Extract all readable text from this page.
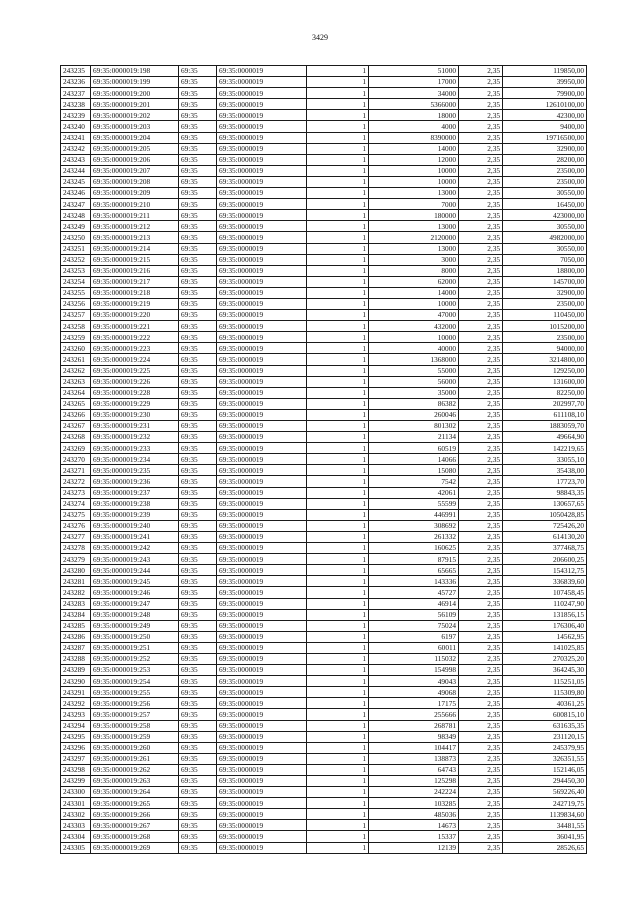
3429
243235	69:35:0000019:198	69:35	69:35:0000019	1	51000	2,35	119850,00
243236	69:35:0000019:199	69:35	69:35:0000019	1	17000	2,35	39950,00
243237	69:35:0000019:200	69:35	69:35:0000019	1	34000	2,35	79900,00
243238	69:35:0000019:201	69:35	69:35:0000019	1	5366000	2,35	12610100,00
243239	69:35:0000019:202	69:35	69:35:0000019	1	18000	2,35	42300,00
243240	69:35:0000019:203	69:35	69:35:0000019	1	4000	2,35	9400,00
243241	69:35:0000019:204	69:35	69:35:0000019	1	8390000	2,35	19716500,00
243242	69:35:0000019:205	69:35	69:35:0000019	1	14000	2,35	32900,00
243243	69:35:0000019:206	69:35	69:35:0000019	1	12000	2,35	28200,00
243244	69:35:0000019:207	69:35	69:35:0000019	1	10000	2,35	23500,00
243245	69:35:0000019:208	69:35	69:35:0000019	1	10000	2,35	23500,00
243246	69:35:0000019:209	69:35	69:35:0000019	1	13000	2,35	30550,00
243247	69:35:0000019:210	69:35	69:35:0000019	1	7000	2,35	16450,00
243248	69:35:0000019:211	69:35	69:35:0000019	1	180000	2,35	423000,00
243249	69:35:0000019:212	69:35	69:35:0000019	1	13000	2,35	30550,00
243250	69:35:0000019:213	69:35	69:35:0000019	1	2120000	2,35	4982000,00
243251	69:35:0000019:214	69:35	69:35:0000019	1	13000	2,35	30550,00
243252	69:35:0000019:215	69:35	69:35:0000019	1	3000	2,35	7050,00
243253	69:35:0000019:216	69:35	69:35:0000019	1	8000	2,35	18800,00
243254	69:35:0000019:217	69:35	69:35:0000019	1	62000	2,35	145700,00
243255	69:35:0000019:218	69:35	69:35:0000019	1	14000	2,35	32900,00
243256	69:35:0000019:219	69:35	69:35:0000019	1	10000	2,35	23500,00
243257	69:35:0000019:220	69:35	69:35:0000019	1	47000	2,35	110450,00
243258	69:35:0000019:221	69:35	69:35:0000019	1	432000	2,35	1015200,00
243259	69:35:0000019:222	69:35	69:35:0000019	1	10000	2,35	23500,00
243260	69:35:0000019:223	69:35	69:35:0000019	1	40000	2,35	94000,00
243261	69:35:0000019:224	69:35	69:35:0000019	1	1368000	2,35	3214800,00
243262	69:35:0000019:225	69:35	69:35:0000019	1	55000	2,35	129250,00
243263	69:35:0000019:226	69:35	69:35:0000019	1	56000	2,35	131600,00
243264	69:35:0000019:228	69:35	69:35:0000019	1	35000	2,35	82250,00
243265	69:35:0000019:229	69:35	69:35:0000019	1	86382	2,35	202997,70
243266	69:35:0000019:230	69:35	69:35:0000019	1	260046	2,35	611108,10
243267	69:35:0000019:231	69:35	69:35:0000019	1	801302	2,35	1883059,70
243268	69:35:0000019:232	69:35	69:35:0000019	1	21134	2,35	49664,90
243269	69:35:0000019:233	69:35	69:35:0000019	1	60519	2,35	142219,65
243270	69:35:0000019:234	69:35	69:35:0000019	1	14066	2,35	33055,10
243271	69:35:0000019:235	69:35	69:35:0000019	1	15080	2,35	35438,00
243272	69:35:0000019:236	69:35	69:35:0000019	1	7542	2,35	17723,70
243273	69:35:0000019:237	69:35	69:35:0000019	1	42061	2,35	98843,35
243274	69:35:0000019:238	69:35	69:35:0000019	1	55599	2,35	130657,65
243275	69:35:0000019:239	69:35	69:35:0000019	1	446991	2,35	1050428,85
243276	69:35:0000019:240	69:35	69:35:0000019	1	308692	2,35	725426,20
243277	69:35:0000019:241	69:35	69:35:0000019	1	261332	2,35	614130,20
243278	69:35:0000019:242	69:35	69:35:0000019	1	160625	2,35	377468,75
243279	69:35:0000019:243	69:35	69:35:0000019	1	87915	2,35	206600,25
243280	69:35:0000019:244	69:35	69:35:0000019	1	65665	2,35	154312,75
243281	69:35:0000019:245	69:35	69:35:0000019	1	143336	2,35	336839,60
243282	69:35:0000019:246	69:35	69:35:0000019	1	45727	2,35	107458,45
243283	69:35:0000019:247	69:35	69:35:0000019	1	46914	2,35	110247,90
243284	69:35:0000019:248	69:35	69:35:0000019	1	56109	2,35	131856,15
243285	69:35:0000019:249	69:35	69:35:0000019	1	75024	2,35	176306,40
243286	69:35:0000019:250	69:35	69:35:0000019	1	6197	2,35	14562,95
243287	69:35:0000019:251	69:35	69:35:0000019	1	60011	2,35	141025,85
243288	69:35:0000019:252	69:35	69:35:0000019	1	115032	2,35	270325,20
243289	69:35:0000019:253	69:35	69:35:0000019	1	154998	2,35	364245,30
243290	69:35:0000019:254	69:35	69:35:0000019	1	49043	2,35	115251,05
243291	69:35:0000019:255	69:35	69:35:0000019	1	49068	2,35	115309,80
243292	69:35:0000019:256	69:35	69:35:0000019	1	17175	2,35	40361,25
243293	69:35:0000019:257	69:35	69:35:0000019	1	255666	2,35	600815,10
243294	69:35:0000019:258	69:35	69:35:0000019	1	268781	2,35	631635,35
243295	69:35:0000019:259	69:35	69:35:0000019	1	98349	2,35	231120,15
243296	69:35:0000019:260	69:35	69:35:0000019	1	104417	2,35	245379,95
243297	69:35:0000019:261	69:35	69:35:0000019	1	138873	2,35	326351,55
243298	69:35:0000019:262	69:35	69:35:0000019	1	64743	2,35	152146,05
243299	69:35:0000019:263	69:35	69:35:0000019	1	125298	2,35	294450,30
243300	69:35:0000019:264	69:35	69:35:0000019	1	242224	2,35	569226,40
243301	69:35:0000019:265	69:35	69:35:0000019	1	103285	2,35	242719,75
243302	69:35:0000019:266	69:35	69:35:0000019	1	485036	2,35	1139834,60
243303	69:35:0000019:267	69:35	69:35:0000019	1	14673	2,35	34481,55
243304	69:35:0000019:268	69:35	69:35:0000019	1	15337	2,35	36041,95
243305	69:35:0000019:269	69:35	69:35:0000019	1	12139	2,35	28526,65
